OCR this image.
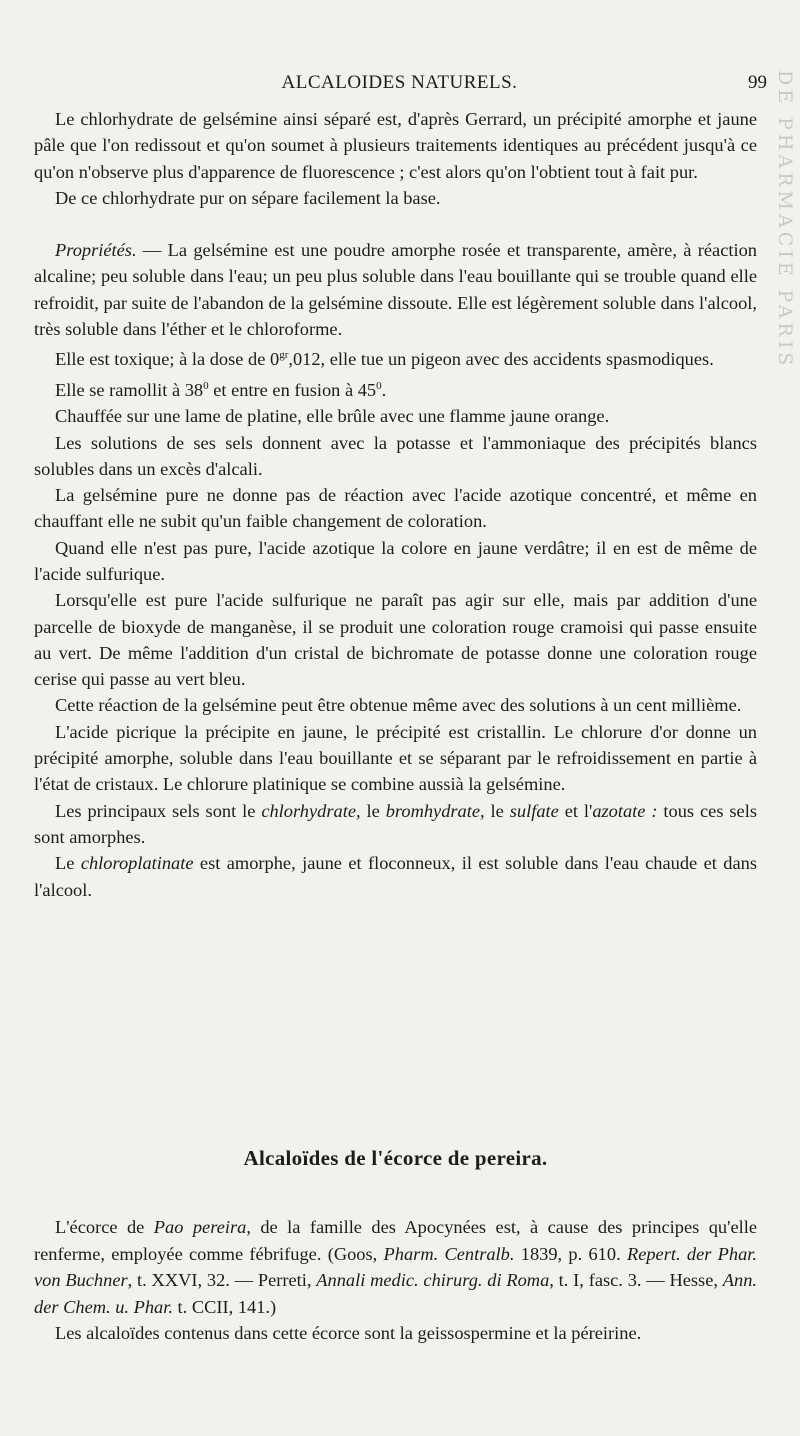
ALCALOIDES NATURELS.	99 DE PHARMACIE PARIS

Le chlorhydrate de gelsémine ainsi séparé est, d'après Gerrard, un précipité amorphe et jaune pâle que l'on redissout et qu'on soumet à plusieurs traitements identiques au précédent jusqu'à ce qu'on n'observe plus d'apparence de fluorescence ; c'est alors qu'on l'obtient tout à fait pur.

De ce chlorhydrate pur on sépare facilement la base.

Propriétés. — La gelsémine est une poudre amorphe rosée et transparente, amère, à réaction alcaline; peu soluble dans l'eau; un peu plus soluble dans l'eau bouillante qui se trouble quand elle refroidit, par suite de l'abandon de la gelsémine dissoute. Elle est légèrement soluble dans l'alcool, très soluble dans l'éther et le chloroforme.

Elle est toxique; à la dose de $0^{gr},012$, elle tue un pigeon avec des accidents spasmodiques.

Elle se ramollit à $38^0$ et entre en fusion à $45^0$.

Chauffée sur une lame de platine, elle brûle avec une flamme jaune orange.

Les solutions de ses sels donnent avec la potasse et l'ammoniaque des précipités blancs solubles dans un excès d'alcali.

La gelsémine pure ne donne pas de réaction avec l'acide azotique concentré, et même en chauffant elle ne subit qu'un faible changement de coloration.

Quand elle n'est pas pure, l'acide azotique la colore en jaune verdâtre; il en est de même de l'acide sulfurique.

Lorsqu'elle est pure l'acide sulfurique ne paraît pas agir sur elle, mais par addition d'une parcelle de bioxyde de manganèse, il se produit une coloration rouge cramoisi qui passe ensuite au vert. De même l'addition d'un cristal de bichromate de potasse donne une coloration rouge cerise qui passe au vert bleu.

Cette réaction de la gelsémine peut être obtenue même avec des solutions à un cent millième.

L'acide picrique la précipite en jaune, le précipité est cristallin. Le chlorure d'or donne un précipité amorphe, soluble dans l'eau bouillante et se séparant par le refroidissement en partie à l'état de cristaux. Le chlorure platinique se combine aussià la gelsémine.

Les principaux sels sont le chlorhydrate, le bromhydrate, le sulfate et l'azotate : tous ces sels sont amorphes.

Le chloroplatinate est amorphe, jaune et floconneux, il est soluble dans l'eau chaude et dans l'alcool.

Alcaloïdes de l'écorce de pereira.

L'écorce de Pao pereira, de la famille des Apocynées est, à cause des principes qu'elle renferme, employée comme fébrifuge. (Goos, Pharm. Centralb. 1839, p. 610. Repert. der Phar. von Buchner, t. XXVI, 32. — Perreti, Annali medic. chirurg. di Roma, t. I, fasc. 3. — Hesse, Ann. der Chem. u. Phar. t. CCII, 141.)

Les alcaloïdes contenus dans cette écorce sont la geissospermine et la péreirine.
